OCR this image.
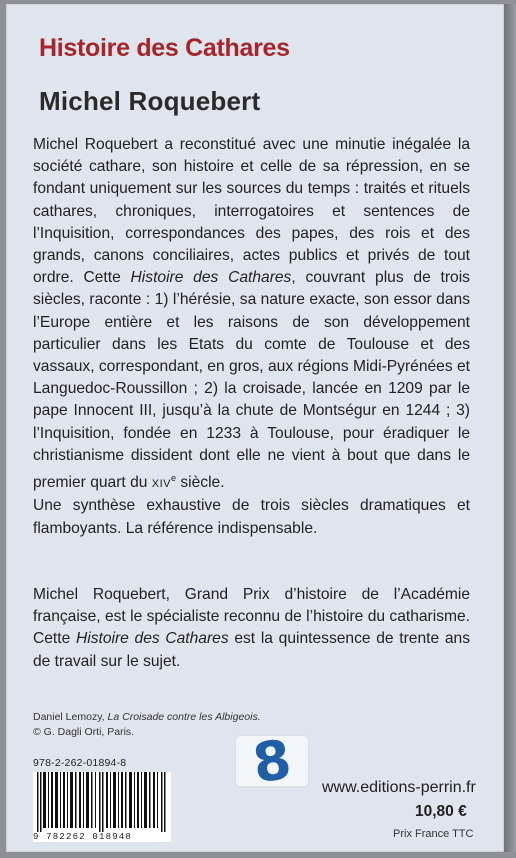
Histoire des Cathares
Michel Roquebert

Michel Roquebert a reconstitué avec une minutie inégalée la société cathare, son histoire et celle de sa répression, en se fondant uniquement sur les sources du temps : traités et rituels cathares, chroniques, interrogatoires et sentences de l’Inquisition, correspondances des papes, des rois et des grands, canons conciliaires, actes publics et privés de tout ordre. Cette Histoire des Cathares, couvrant plus de trois siècles, raconte : 1) l’hérésie, sa nature exacte, son essor dans l’Europe entière et les raisons de son développement particulier dans les Etats du comte de Toulouse et des vassaux, correspondant, en gros, aux régions Midi-Pyrénées et Languedoc-Roussillon ; 2) la croisade, lancée en 1209 par le pape Innocent III, jusqu’à la chute de Montségur en 1244 ; 3) l’Inquisition, fondée en 1233 à Toulouse, pour éradiquer le christianisme dissident dont elle ne vient à bout que dans le premier quart du XIVe siècle.
Une synthèse exhaustive de trois siècles dramatiques et flamboyants. La référence indispensable.

Michel Roquebert, Grand Prix d’histoire de l’Académie française, est le spécialiste reconnu de l’histoire du catharisme. Cette Histoire des Cathares est la quintessence de trente ans de travail sur le sujet.

Daniel Lemozy, La Croisade contre les Albigeois.
© G. Dagli Orti, Paris.
978-2-262-01894-8
9 782262 018948
8	www.editions-perrin.fr
10,80 €
Prix France TTC
